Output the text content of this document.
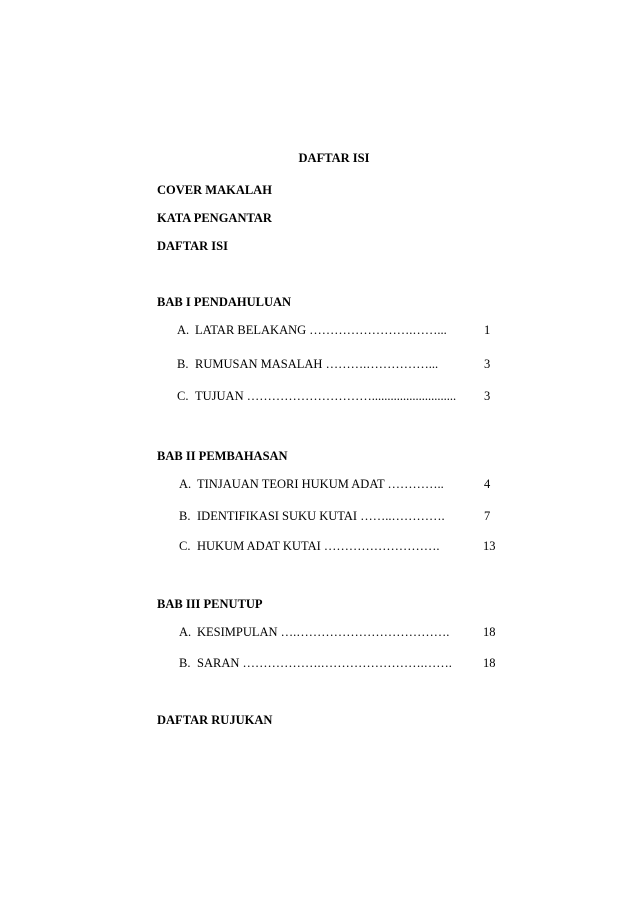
DAFTAR ISI
COVER MAKALAH
KATA PENGANTAR
DAFTAR ISI
BAB I PENDAHULUAN
A. LATAR BELAKANG …………………….……...	1
B. RUMUSAN MASALAH ……….……………...	3
C. TUJUAN …………………………........................... 3
BAB II PEMBAHASAN
A. TINJAUAN TEORI HUKUM ADAT …………..	4
B. IDENTIFIKASI SUKU KUTAI ……..………….	7
C. HUKUM ADAT KUTAI ……………………….	13
BAB III PENUTUP
A. KESIMPULAN ….……………………………….	18
B. SARAN ……………….…………………….……. 18
DAFTAR RUJUKAN
